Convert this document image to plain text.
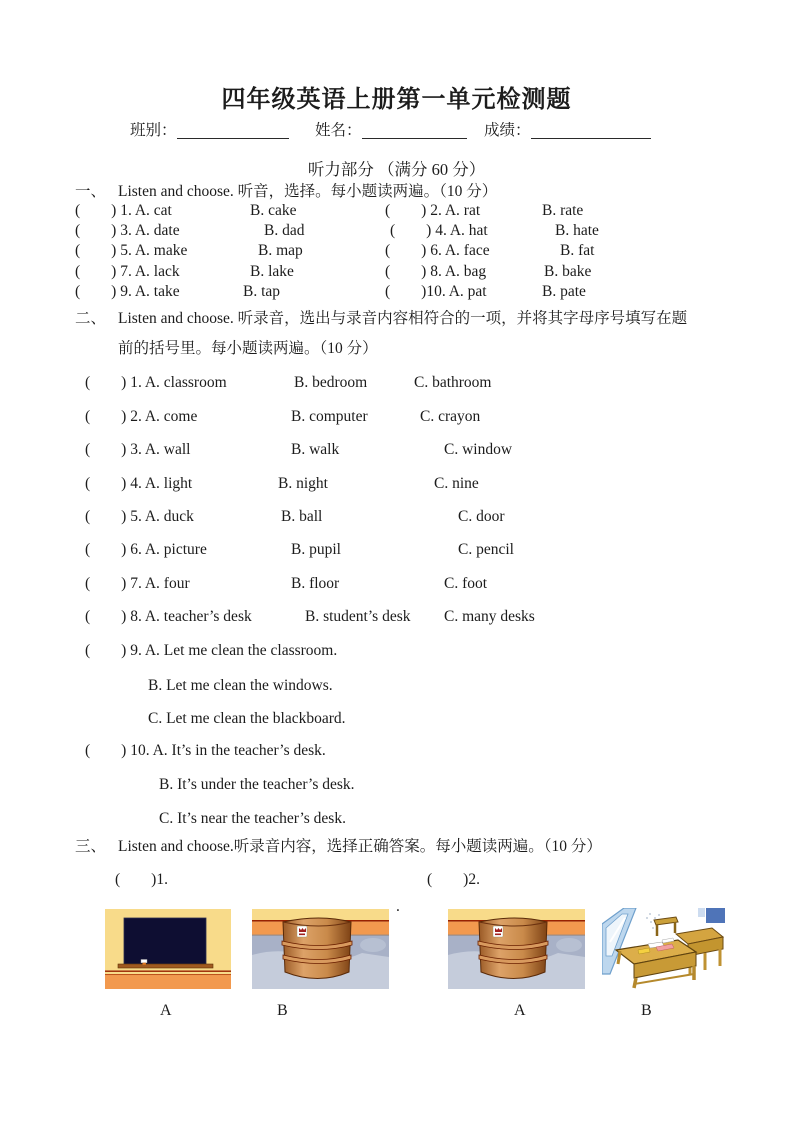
四年级英语上册第一单元检测题
班别：	姓名：	成绩：
听力部分 （满分 60 分）
一、 Listen and choose. 听音，选择。每小题读两遍。（10 分）
(　　) 1. A. cat	B. cake	(　　) 2. A. rat	B. rate
(　　) 3. A. date	B. dad	(　　) 4. A. hat	B. hate
(　　) 5. A. make	B. map	(　　) 6. A. face	B. fat
(　　) 7. A. lack	B. lake	(　　) 8. A. bag	B. bake
(　　) 9. A. take	B. tap	(　　)10. A. pat	B. pate
二、 Listen and choose. 听录音，选出与录音内容相符合的一项，并将其字母序号填写在题
前的括号里。每小题读两遍。（10 分）
(　　) 1. A. classroom	B. bedroom	C. bathroom
(　　) 2. A. come	B. computer	C. crayon
(　　) 3. A. wall	B. walk	C. window
(　　) 4. A. light	B. night	C. nine
(　　) 5. A. duck	B. ball	C. door
(　　) 6. A. picture	B. pupil	C. pencil
(　　) 7. A. four	B. floor	C. foot
(　　) 8. A. teacher’s desk	B. student’s desk C. many desks
(　　) 9. A. Let me clean the classroom.
B. Let me clean the windows.
C. Let me clean the blackboard.
(　　) 10. A. It’s in the teacher’s desk.
B. It’s under the teacher’s desk.
C. It’s near the teacher’s desk.
三、 Listen and choose.听录音内容，选择正确答案。每小题读两遍。（10 分）
(　　)1.	(　　)2.
.
A	B	A	B
